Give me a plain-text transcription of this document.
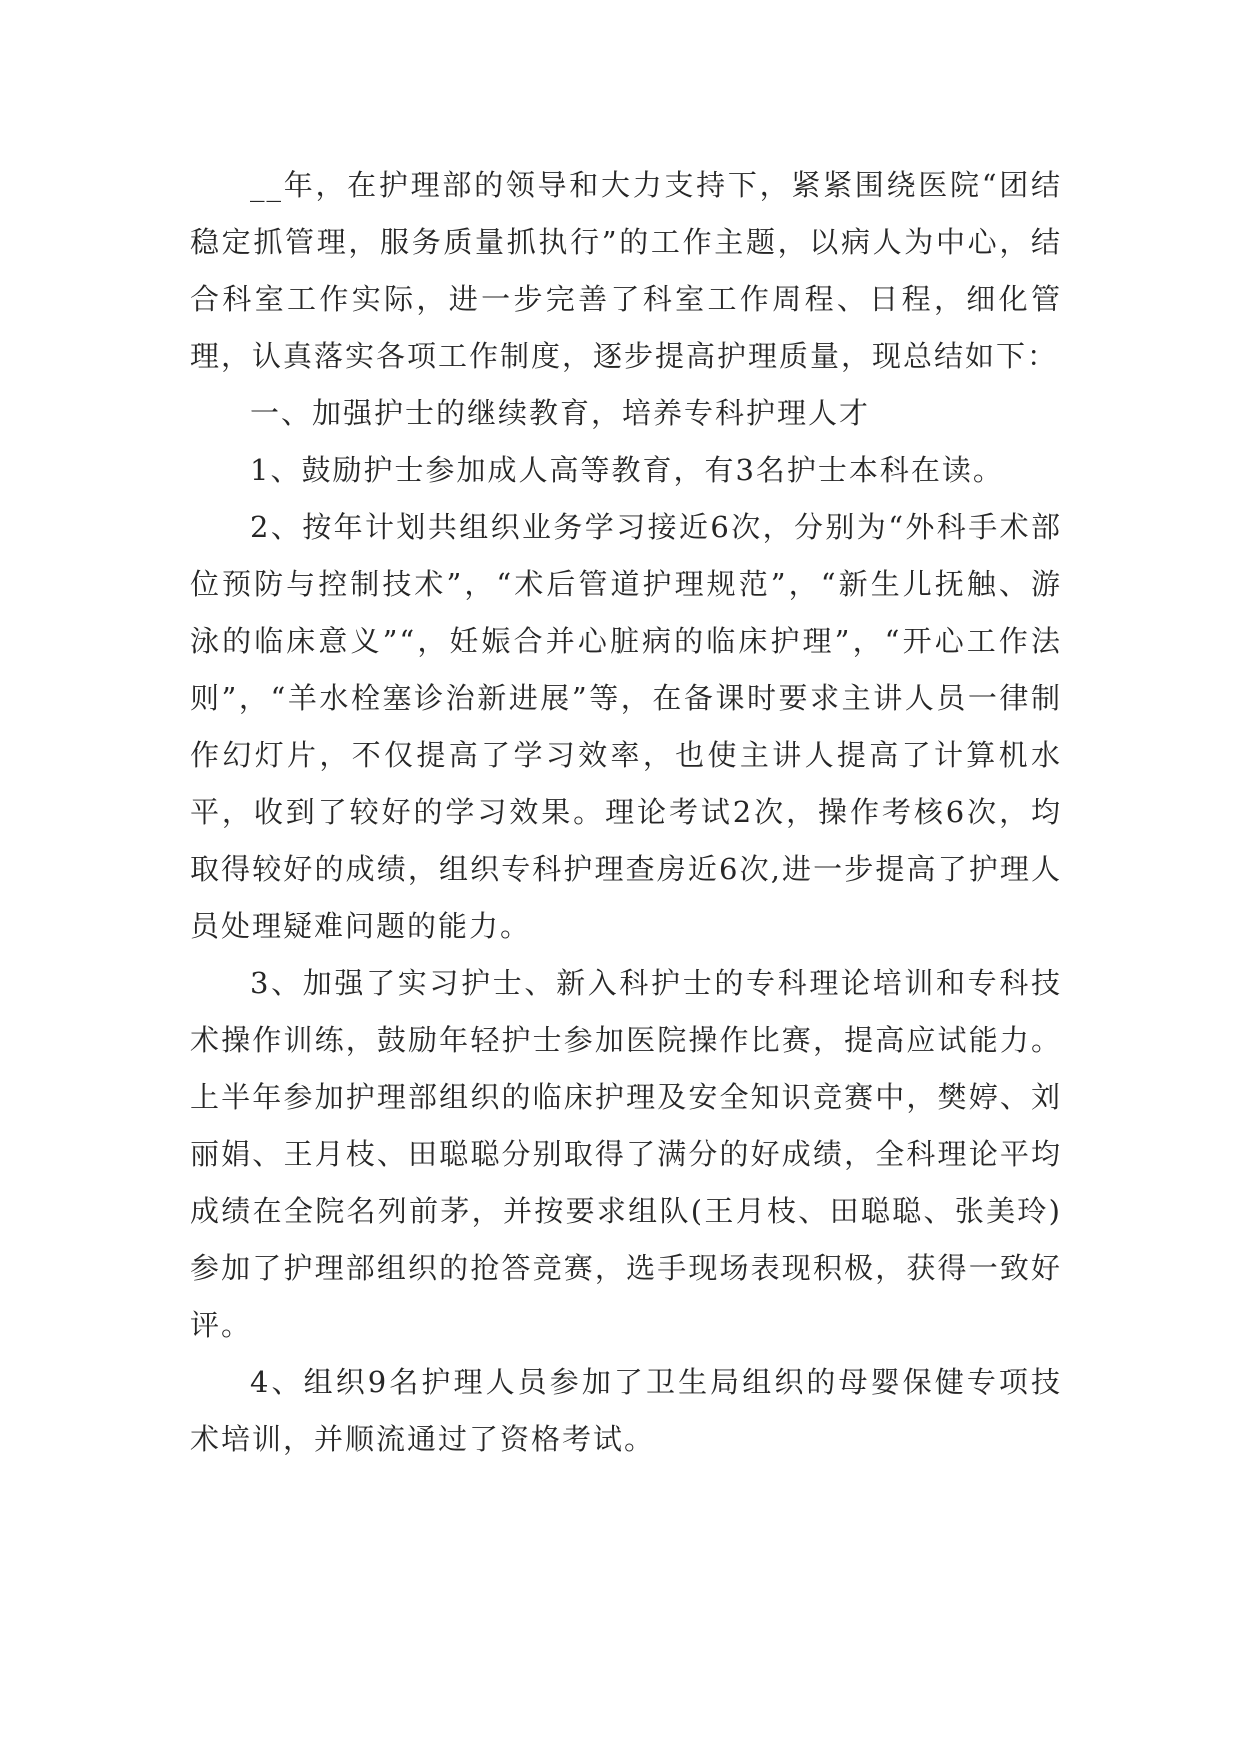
__年，在护理部的领导和大力支持下，紧紧围绕医院“团结稳定抓管理，服务质量抓执行”的工作主题，以病人为中心，结合科室工作实际，进一步完善了科室工作周程、日程，细化管理，认真落实各项工作制度，逐步提高护理质量，现总结如下：

一、加强护士的继续教育，培养专科护理人才

1、鼓励护士参加成人高等教育，有3名护士本科在读。

2、按年计划共组织业务学习接近6次，分别为“外科手术部位预防与控制技术”，“术后管道护理规范”，“新生儿抚触、游泳的临床意义”“，妊娠合并心脏病的临床护理”，“开心工作法则”，“羊水栓塞诊治新进展”等，在备课时要求主讲人员一律制作幻灯片，不仅提高了学习效率，也使主讲人提高了计算机水平，收到了较好的学习效果。理论考试2次，操作考核6次，均取得较好的成绩，组织专科护理查房近6次,进一步提高了护理人员处理疑难问题的能力。

3、加强了实习护士、新入科护士的专科理论培训和专科技术操作训练，鼓励年轻护士参加医院操作比赛，提高应试能力。上半年参加护理部组织的临床护理及安全知识竞赛中，樊婷、刘丽娟、王月枝、田聪聪分别取得了满分的好成绩，全科理论平均成绩在全院名列前茅，并按要求组队(王月枝、田聪聪、张美玲)参加了护理部组织的抢答竞赛，选手现场表现积极，获得一致好评。

4、组织9名护理人员参加了卫生局组织的母婴保健专项技术培训，并顺流通过了资格考试。
